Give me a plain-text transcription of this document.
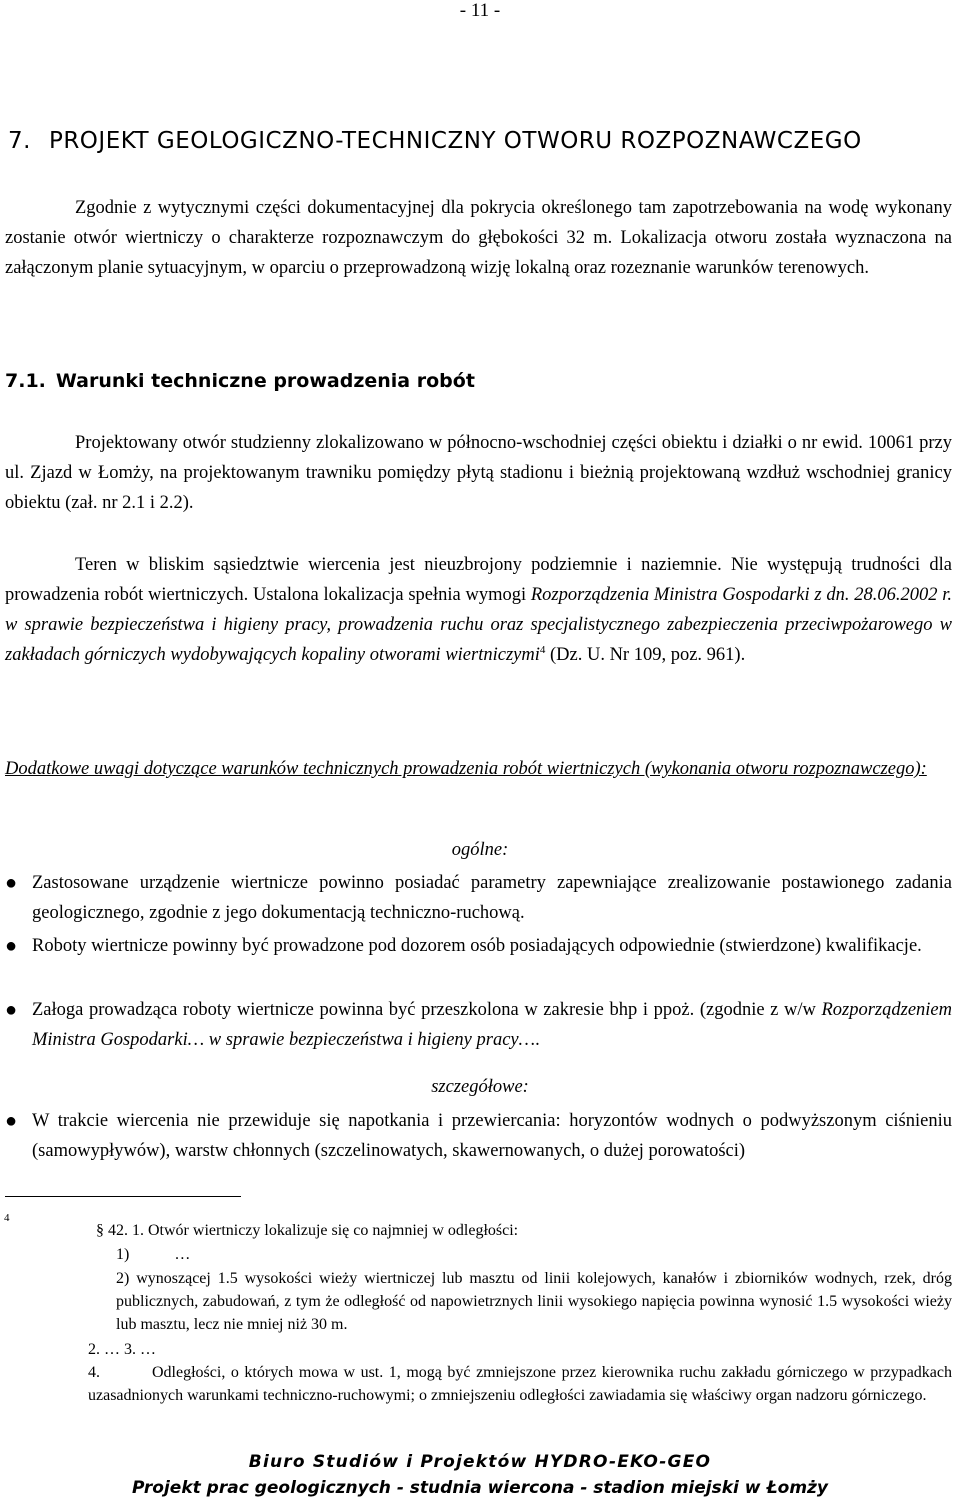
- 11 -
7. PROJEKT GEOLOGICZNO-TECHNICZNY OTWORU ROZPOZNAWCZEGO
Zgodnie z wytycznymi części dokumentacyjnej dla pokrycia określonego tam zapotrzebowania na wodę wykonany zostanie otwór wiertniczy o charakterze rozpoznawczym do głębokości 32 m. Lokalizacja otworu została wyznaczona na załączonym planie sytuacyjnym, w oparciu o przeprowadzoną wizję lokalną oraz rozeznanie warunków terenowych.
7.1. Warunki techniczne prowadzenia robót
Projektowany otwór studzienny zlokalizowano w północno-wschodniej części obiektu i działki o nr ewid. 10061 przy ul. Zjazd w Łomży, na projektowanym trawniku pomiędzy płytą stadionu i bieżnią projektowaną wzdłuż wschodniej granicy obiektu (zał. nr 2.1 i 2.2).
Teren w bliskim sąsiedztwie wiercenia jest nieuzbrojony podziemnie i naziemnie. Nie występują trudności dla prowadzenia robót wiertniczych. Ustalona lokalizacja spełnia wymogi Rozporządzenia Ministra Gospodarki z dn. 28.06.2002 r. w sprawie bezpieczeństwa i higieny pracy, prowadzenia ruchu oraz specjalistycznego zabezpieczenia przeciwpożarowego w zakładach górniczych wydobywających kopaliny otworami wiertniczymi$^4$ (Dz. U. Nr 109, poz. 961).
Dodatkowe uwagi dotyczące warunków technicznych prowadzenia robót wiertniczych (wykonania otworu rozpoznawczego):
ogólne:
● Zastosowane urządzenie wiertnicze powinno posiadać parametry zapewniające zrealizowanie postawionego zadania geologicznego, zgodnie z jego dokumentacją techniczno-ruchową.
● Roboty wiertnicze powinny być prowadzone pod dozorem osób posiadających odpowiednie (stwierdzone) kwalifikacje.
● Załoga prowadząca roboty wiertnicze powinna być przeszkolona w zakresie bhp i ppoż. (zgodnie z w/w Rozporządzeniem Ministra Gospodarki… w sprawie bezpieczeństwa i higieny pracy….
szczegółowe:
● W trakcie wiercenia nie przewiduje się napotkania i przewiercania: horyzontów wodnych o podwyższonym ciśnieniu (samowypływów), warstw chłonnych (szczelinowatych, skawernowanych, o dużej porowatości)
4
§ 42. 1. Otwór wiertniczy lokalizuje się co najmniej w odległości:
1)	…
2) wynoszącej 1.5 wysokości wieży wiertniczej lub masztu od linii kolejowych, kanałów i zbiorników wodnych, rzek, dróg publicznych, zabudowań, z tym że odległość od napowietrznych linii wysokiego napięcia powinna wynosić 1.5 wysokości wieży lub masztu, lecz nie mniej niż 30 m.
2. … 3. …
4.	Odległości, o których mowa w ust. 1, mogą być zmniejszone przez kierownika ruchu zakładu górniczego w przypadkach uzasadnionych warunkami techniczno-ruchowymi; o zmniejszeniu odległości zawiadamia się właściwy organ nadzoru górniczego.
Biuro Studiów i Projektów HYDRO-EKO-GEO
Projekt prac geologicznych - studnia wiercona - stadion miejski w Łomży
